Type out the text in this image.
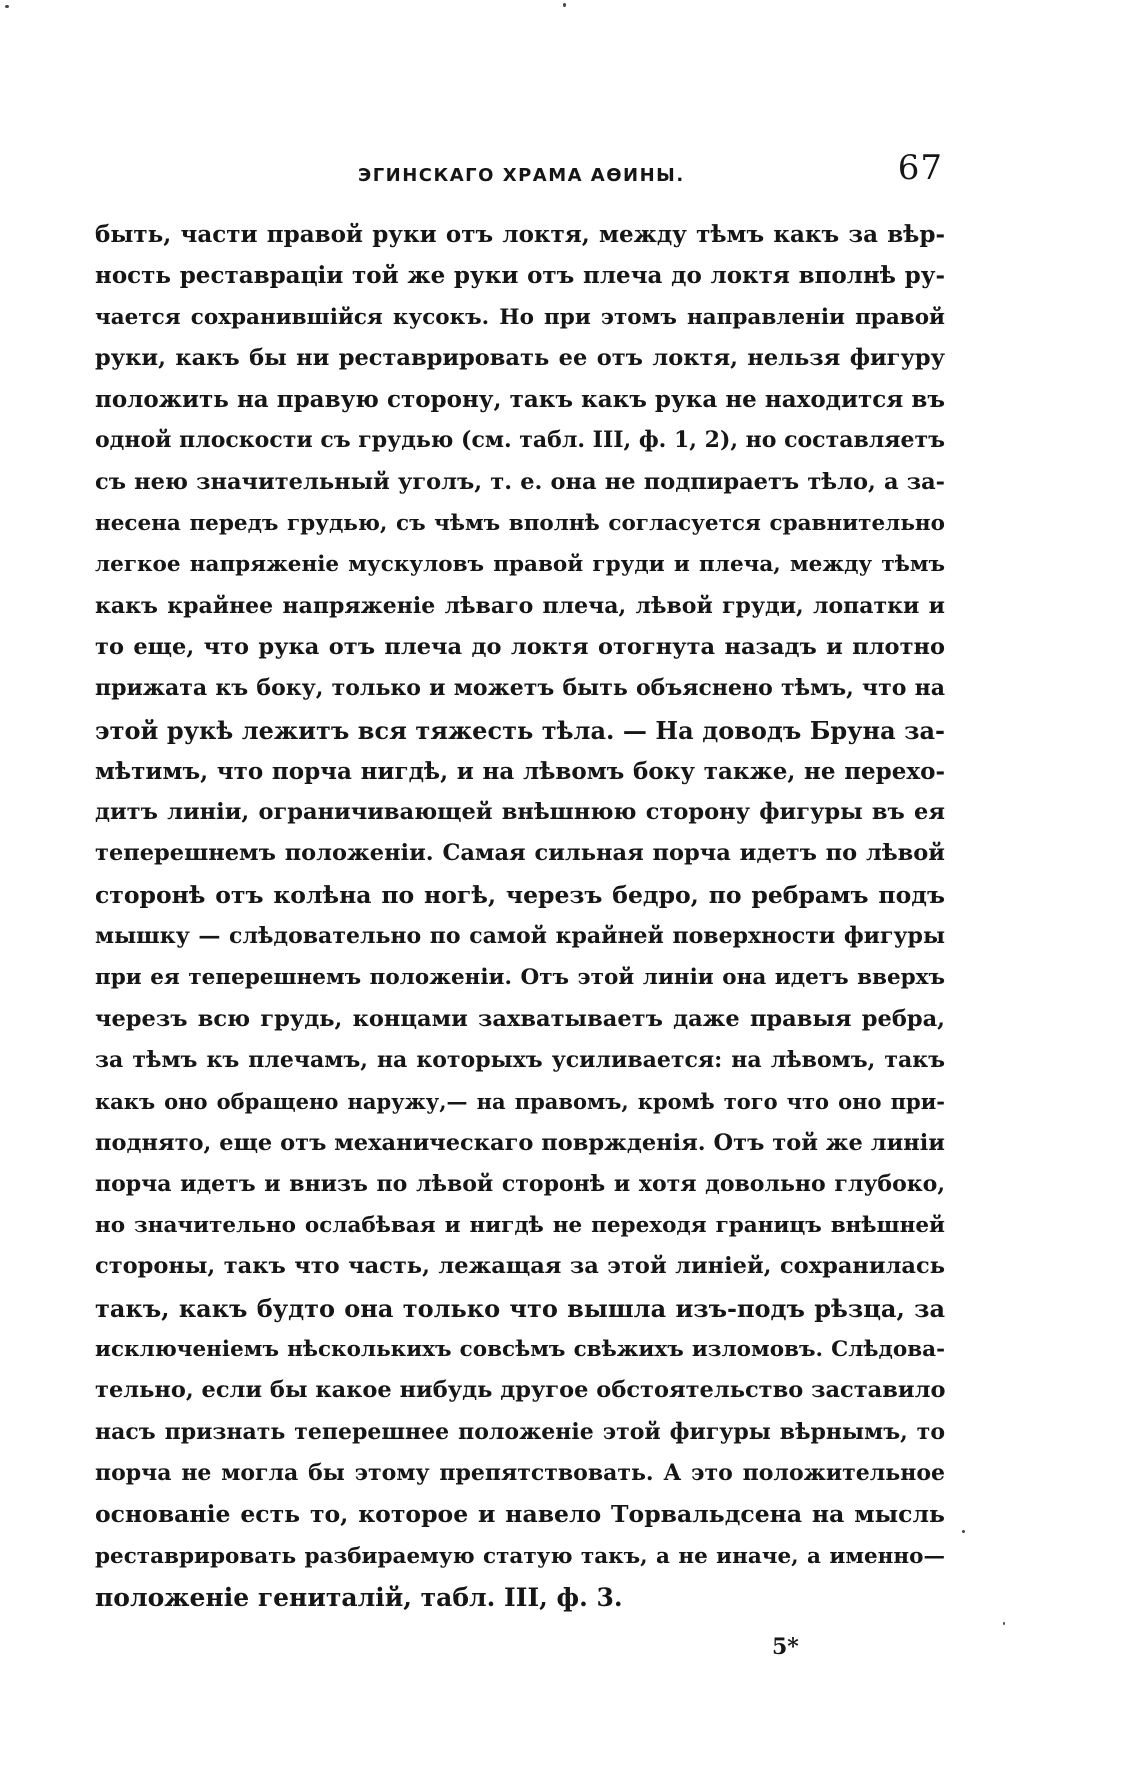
ЭГИНСКАГО ХРАМА АѲИНЫ.	67
быть, части правой руки отъ локтя, между тѣмъ какъ за вѣр-
ность реставраціи той же руки отъ плеча до локтя вполнѣ ру-
чается сохранившійся кусокъ. Но при этомъ направленіи правой
руки, какъ бы ни реставрировать ее отъ локтя, нельзя фигуру
положить на правую сторону, такъ какъ рука не находится въ
одной плоскости съ грудью (см. табл. III, ф. 1, 2), но составляетъ
съ нею значительный уголъ, т. е. она не подпираетъ тѣло, а за-
несена передъ грудью, съ чѣмъ вполнѣ согласуется сравнительно
легкое напряженіе мускуловъ правой груди и плеча, между тѣмъ
какъ крайнее напряженіе лѣваго плеча, лѣвой груди, лопатки и
то еще, что рука отъ плеча до локтя отогнута назадъ и плотно
прижата къ боку, только и можетъ быть объяснено тѣмъ, что на
этой рукѣ лежитъ вся тяжесть тѣла. — На доводъ Бруна за-
мѣтимъ, что порча нигдѣ, и на лѣвомъ боку также, не перехо-
дитъ линіи, ограничивающей внѣшнюю сторону фигуры въ ея
теперешнемъ положеніи. Самая сильная порча идетъ по лѣвой
сторонѣ отъ колѣна по ногѣ, черезъ бедро, по ребрамъ подъ
мышку — слѣдовательно по самой крайней поверхности фигуры
при ея теперешнемъ положеніи. Отъ этой линіи она идетъ вверхъ
черезъ всю грудь, концами захватываетъ даже правыя ребра,
за тѣмъ къ плечамъ, на которыхъ усиливается: на лѣвомъ, такъ
какъ оно обращено наружу,— на правомъ, кромѣ того что оно при-
поднято, еще отъ механическаго повржденія. Отъ той же линіи
порча идетъ и внизъ по лѣвой сторонѣ и хотя довольно глубоко,
но значительно ослабѣвая и нигдѣ не переходя границъ внѣшней
стороны, такъ что часть, лежащая за этой линіей, сохранилась
такъ, какъ будто она только что вышла изъ-подъ рѣзца, за
исключеніемъ нѣсколькихъ совсѣмъ свѣжихъ изломовъ. Слѣдова-
тельно, если бы какое нибудь другое обстоятельство заставило
насъ признать теперешнее положеніе этой фигуры вѣрнымъ, то
порча не могла бы этому препятствовать. А это положительное
основаніе есть то, которое и навело Торвальдсена на мысль
реставрировать разбираемую статую такъ, а не иначе, а именно—
положеніе гениталій, табл. III, ф. 3.
5*
